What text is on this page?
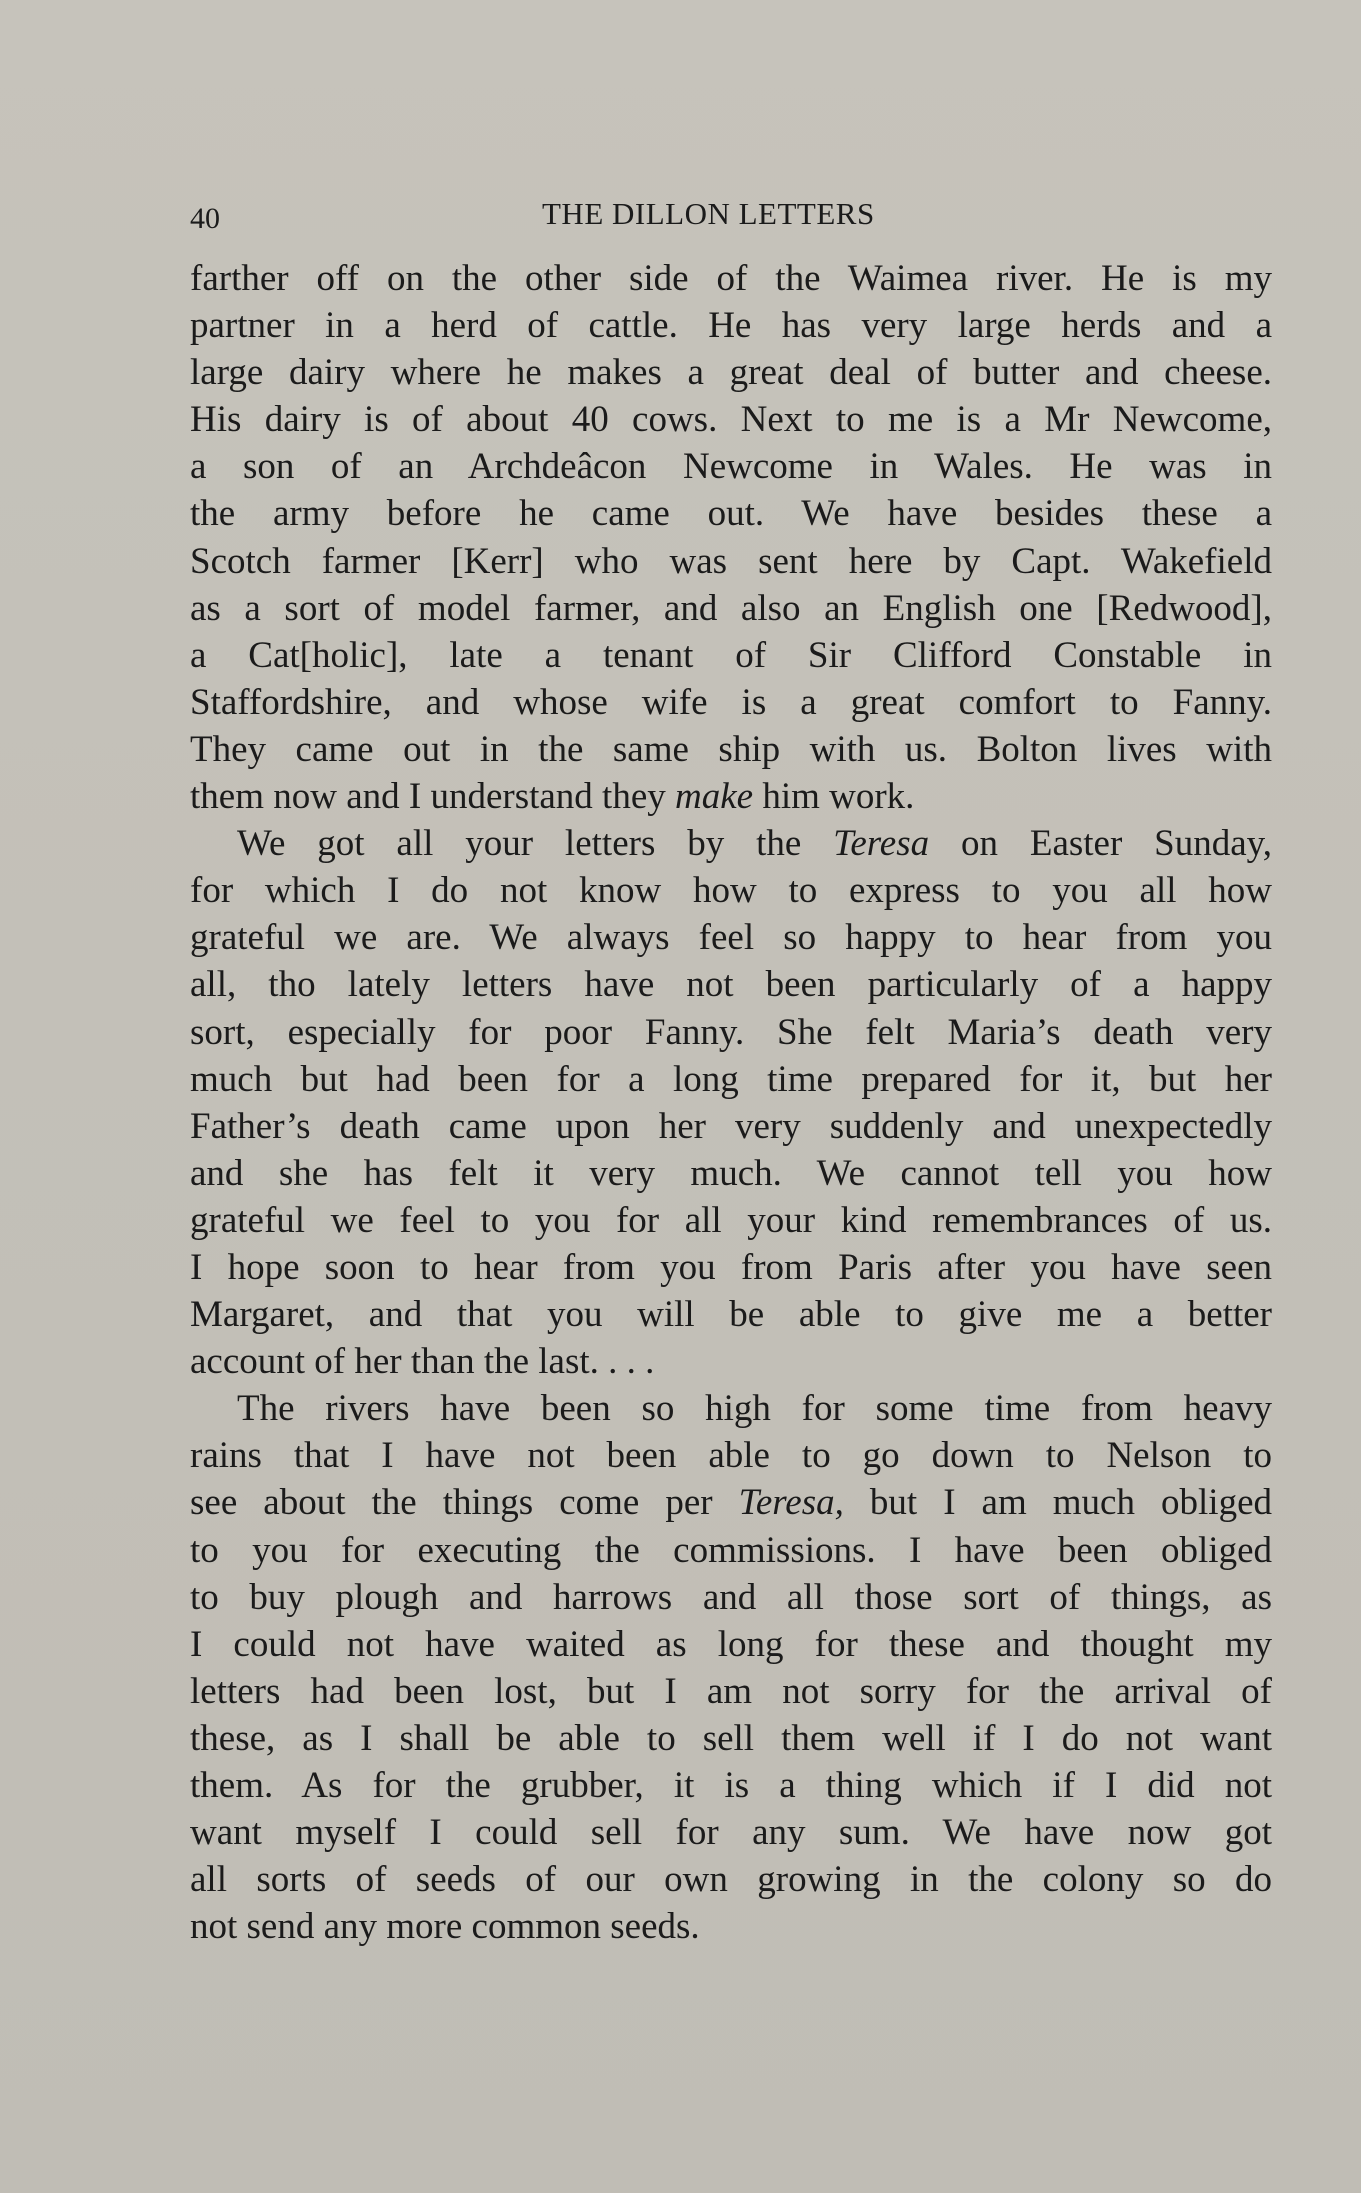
40	THE DILLON LETTERS
farther off on the other side of the Waimea river. He is my
partner in a herd of cattle. He has very large herds and a
large dairy where he makes a great deal of butter and cheese.
His dairy is of about 40 cows. Next to me is a Mr Newcome,
a son of an Archdeâcon Newcome in Wales. He was in
the army before he came out. We have besides these a
Scotch farmer [Kerr] who was sent here by Capt. Wakefield
as a sort of model farmer, and also an English one [Redwood],
a Cat[holic], late a tenant of Sir Clifford Constable in
Staffordshire, and whose wife is a great comfort to Fanny.
They came out in the same ship with us. Bolton lives with
them now and I understand they make him work.
We got all your letters by the Teresa on Easter Sunday,
for which I do not know how to express to you all how
grateful we are. We always feel so happy to hear from you
all, tho lately letters have not been particularly of a happy
sort, especially for poor Fanny. She felt Maria’s death very
much but had been for a long time prepared for it, but her
Father’s death came upon her very suddenly and unexpectedly
and she has felt it very much. We cannot tell you how
grateful we feel to you for all your kind remembrances of us.
I hope soon to hear from you from Paris after you have seen
Margaret, and that you will be able to give me a better
account of her than the last. . . .
The rivers have been so high for some time from heavy
rains that I have not been able to go down to Nelson to
see about the things come per Teresa, but I am much obliged
to you for executing the commissions. I have been obliged
to buy plough and harrows and all those sort of things, as
I could not have waited as long for these and thought my
letters had been lost, but I am not sorry for the arrival of
these, as I shall be able to sell them well if I do not want
them. As for the grubber, it is a thing which if I did not
want myself I could sell for any sum. We have now got
all sorts of seeds of our own growing in the colony so do
not send any more common seeds.
